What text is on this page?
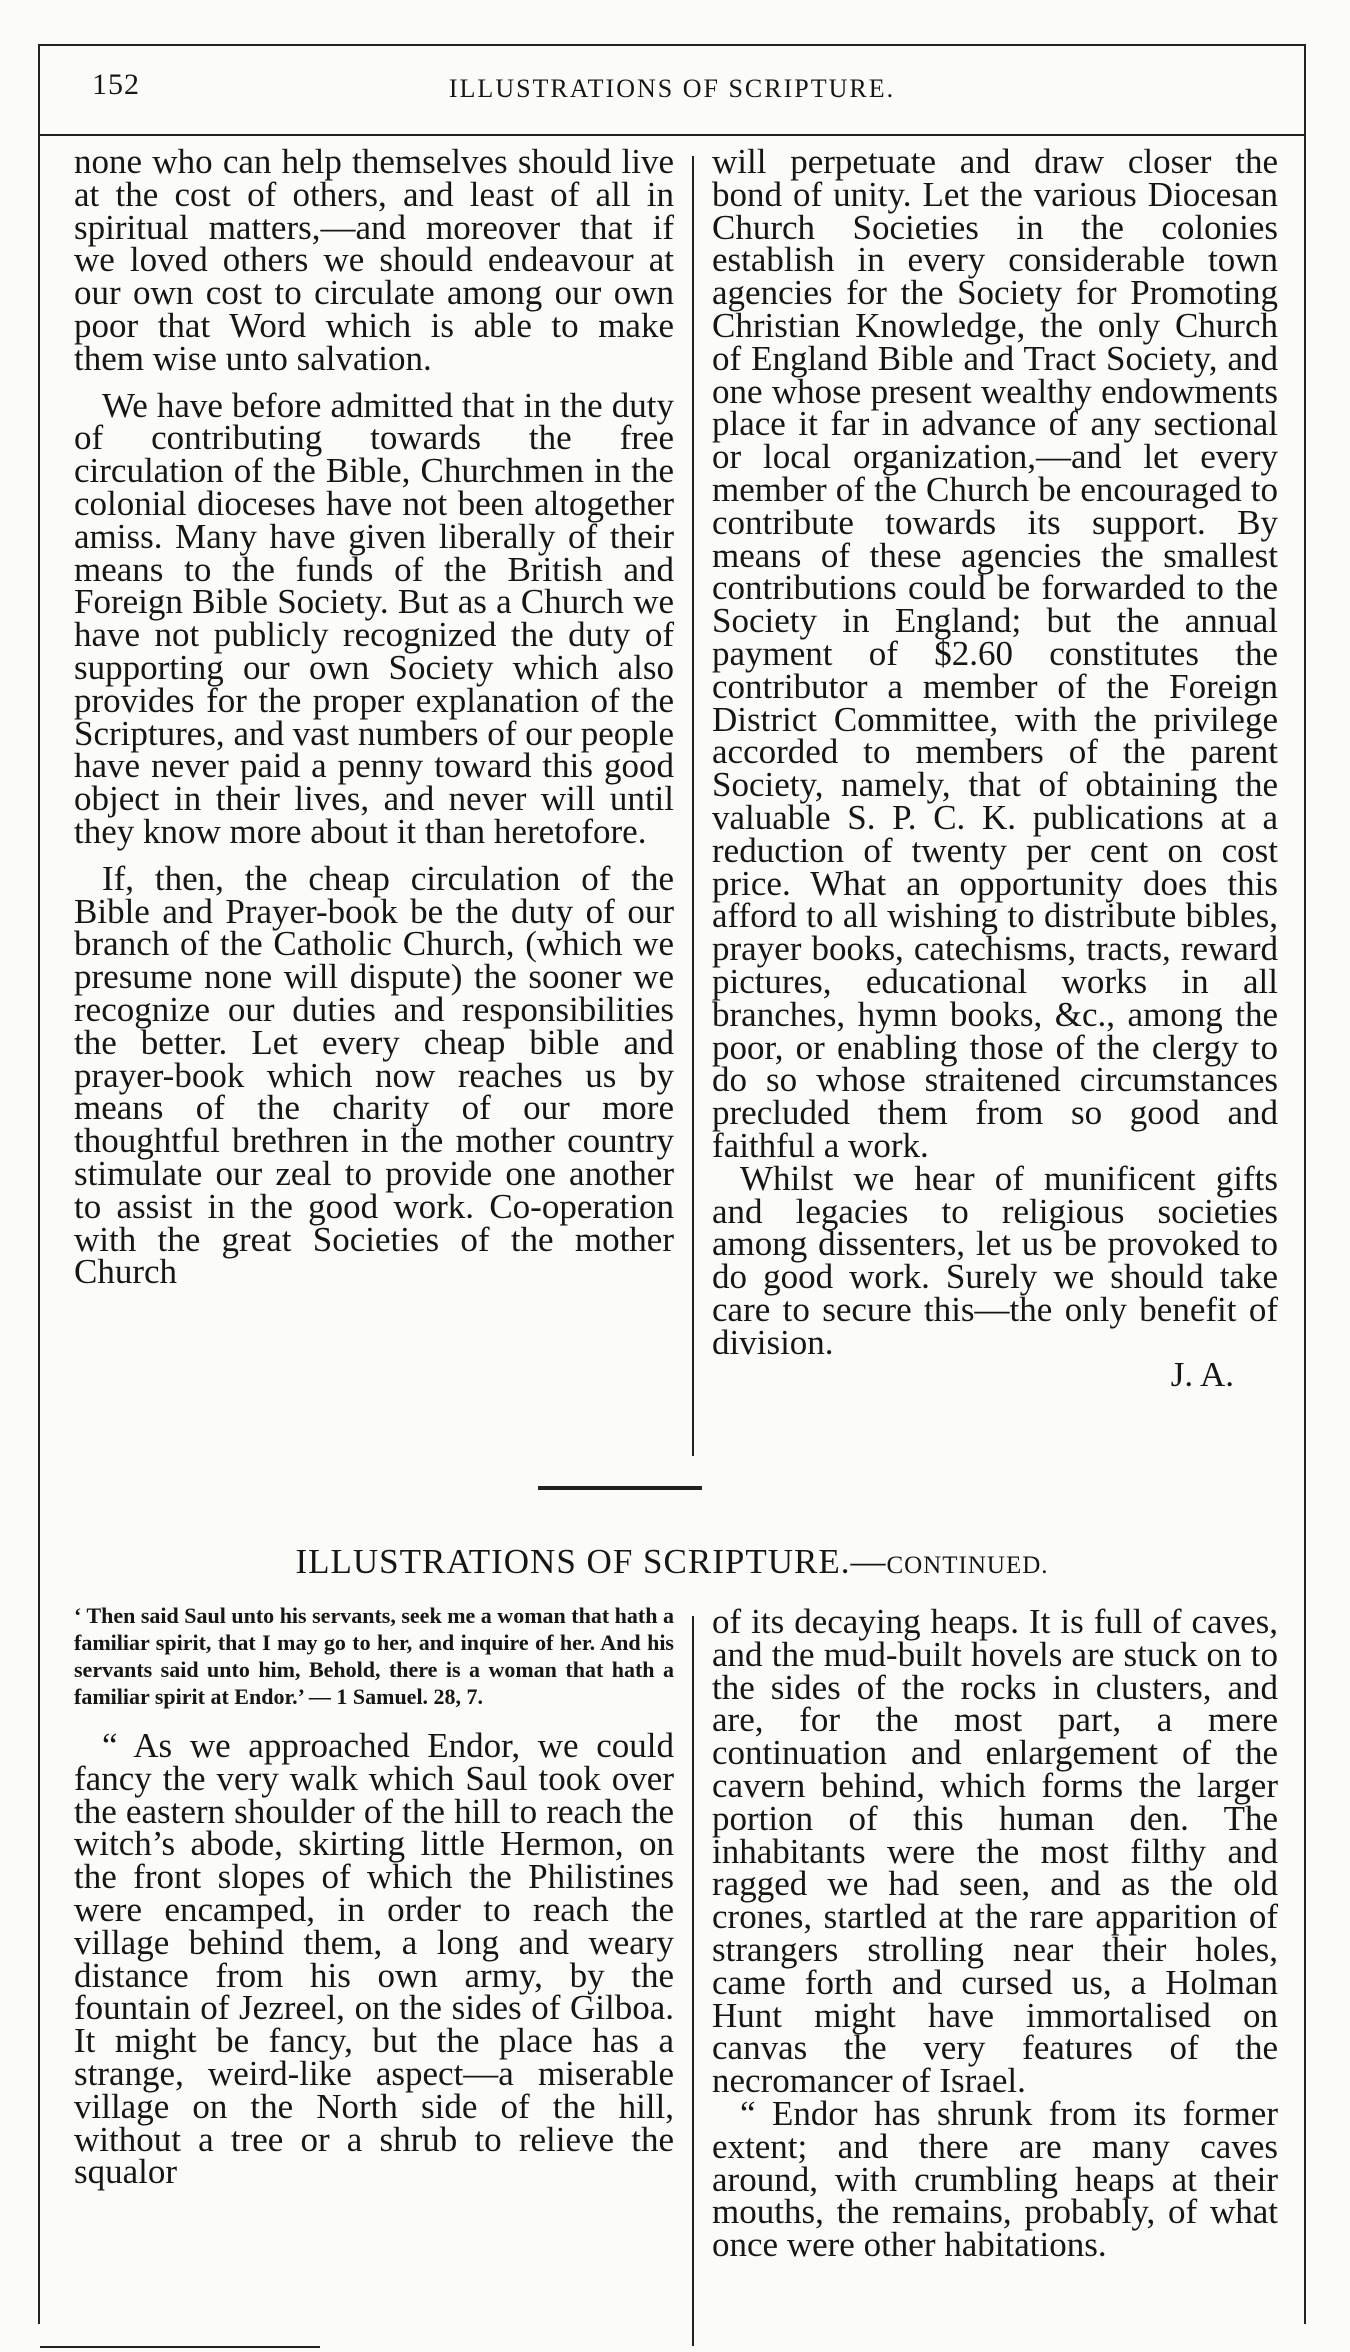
152	ILLUSTRATIONS OF SCRIPTURE.

none who can help themselves should live at the cost of others, and least of all in spiritual matters,—and moreover that if we loved others we should endeavour at our own cost to circulate among our own poor that Word which is able to make them wise unto salvation.

We have before admitted that in the duty of contributing towards the free circulation of the Bible, Churchmen in the colonial dioceses have not been altogether amiss. Many have given liberally of their means to the funds of the British and Foreign Bible Society. But as a Church we have not publicly recognized the duty of supporting our own Society which also provides for the proper explanation of the Scriptures, and vast numbers of our people have never paid a penny toward this good object in their lives, and never will until they know more about it than heretofore.

If, then, the cheap circulation of the Bible and Prayer-book be the duty of our branch of the Catholic Church, (which we presume none will dispute) the sooner we recognize our duties and responsibilities the better. Let every cheap bible and prayer-book which now reaches us by means of the charity of our more thoughtful brethren in the mother country stimulate our zeal to provide one another to assist in the good work. Co-operation with the great Societies of the mother Church

will perpetuate and draw closer the bond of unity. Let the various Diocesan Church Societies in the colonies establish in every considerable town agencies for the Society for Promoting Christian Knowledge, the only Church of England Bible and Tract Society, and one whose present wealthy endowments place it far in advance of any sectional or local organization,—and let every member of the Church be encouraged to contribute towards its support. By means of these agencies the smallest contributions could be forwarded to the Society in England; but the annual payment of $2.60 constitutes the contributor a member of the Foreign District Committee, with the privilege accorded to members of the parent Society, namely, that of obtaining the valuable S. P. C. K. publications at a reduction of twenty per cent on cost price. What an opportunity does this afford to all wishing to distribute bibles, prayer books, catechisms, tracts, reward pictures, educational works in all branches, hymn books, &c., among the poor, or enabling those of the clergy to do so whose straitened circumstances precluded them from so good and faithful a work.

Whilst we hear of munificent gifts and legacies to religious societies among dissenters, let us be provoked to do good work. Surely we should take care to secure this—the only benefit of division.

J. A.

ILLUSTRATIONS OF SCRIPTURE.—CONTINUED.

‘ Then said Saul unto his servants, seek me a woman that hath a familiar spirit, that I may go to her, and inquire of her. And his servants said unto him, Behold, there is a woman that hath a familiar spirit at Endor.’ — 1 Samuel. 28, 7.

“ As we approached Endor, we could fancy the very walk which Saul took over the eastern shoulder of the hill to reach the witch’s abode, skirting little Hermon, on the front slopes of which the Philistines were encamped, in order to reach the village behind them, a long and weary distance from his own army, by the fountain of Jezreel, on the sides of Gilboa. It might be fancy, but the place has a strange, weird-like aspect—a miserable village on the North side of the hill, without a tree or a shrub to relieve the squalor

of its decaying heaps. It is full of caves, and the mud-built hovels are stuck on to the sides of the rocks in clusters, and are, for the most part, a mere continuation and enlargement of the cavern behind, which forms the larger portion of this human den. The inhabitants were the most filthy and ragged we had seen, and as the old crones, startled at the rare apparition of strangers strolling near their holes, came forth and cursed us, a Holman Hunt might have immortalised on canvas the very features of the necromancer of Israel.

“ Endor has shrunk from its former extent; and there are many caves around, with crumbling heaps at their mouths, the remains, probably, of what once were other habitations.
